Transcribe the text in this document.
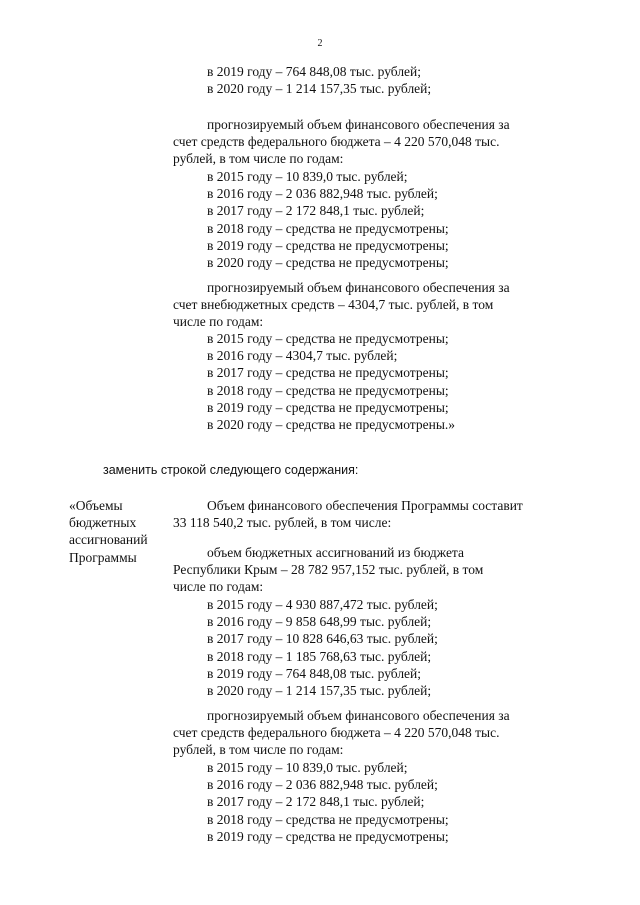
2
в 2019 году – 764 848,08 тыс. рублей;
в 2020 году – 1 214 157,35 тыс. рублей;
прогнозируемый объем финансового обеспечения за
счет средств федерального бюджета – 4 220 570,048 тыс.
рублей, в том числе по годам:
в 2015 году – 10 839,0 тыс. рублей;
в 2016 году – 2 036 882,948 тыс. рублей;
в 2017 году – 2 172 848,1 тыс. рублей;
в 2018 году – средства не предусмотрены;
в 2019 году – средства не предусмотрены;
в 2020 году – средства не предусмотрены;
прогнозируемый объем финансового обеспечения за
счет внебюджетных средств – 4304,7 тыс. рублей, в том
числе по годам:
в 2015 году – средства не предусмотрены;
в 2016 году – 4304,7 тыс. рублей;
в 2017 году – средства не предусмотрены;
в 2018 году – средства не предусмотрены;
в 2019 году – средства не предусмотрены;
в 2020 году – средства не предусмотрены.»
заменить строкой следующего содержания:
«Объемы
бюджетных
ассигнований
Программы
Объем финансового обеспечения Программы составит
33 118 540,2 тыс. рублей, в том числе:
объем бюджетных ассигнований из бюджета
Республики Крым – 28 782 957,152 тыс. рублей, в том
числе по годам:
в 2015 году – 4 930 887,472 тыс. рублей;
в 2016 году – 9 858 648,99 тыс. рублей;
в 2017 году – 10 828 646,63 тыс. рублей;
в 2018 году – 1 185 768,63 тыс. рублей;
в 2019 году – 764 848,08 тыс. рублей;
в 2020 году – 1 214 157,35 тыс. рублей;
прогнозируемый объем финансового обеспечения за
счет средств федерального бюджета – 4 220 570,048 тыс.
рублей, в том числе по годам:
в 2015 году – 10 839,0 тыс. рублей;
в 2016 году – 2 036 882,948 тыс. рублей;
в 2017 году – 2 172 848,1 тыс. рублей;
в 2018 году – средства не предусмотрены;
в 2019 году – средства не предусмотрены;
